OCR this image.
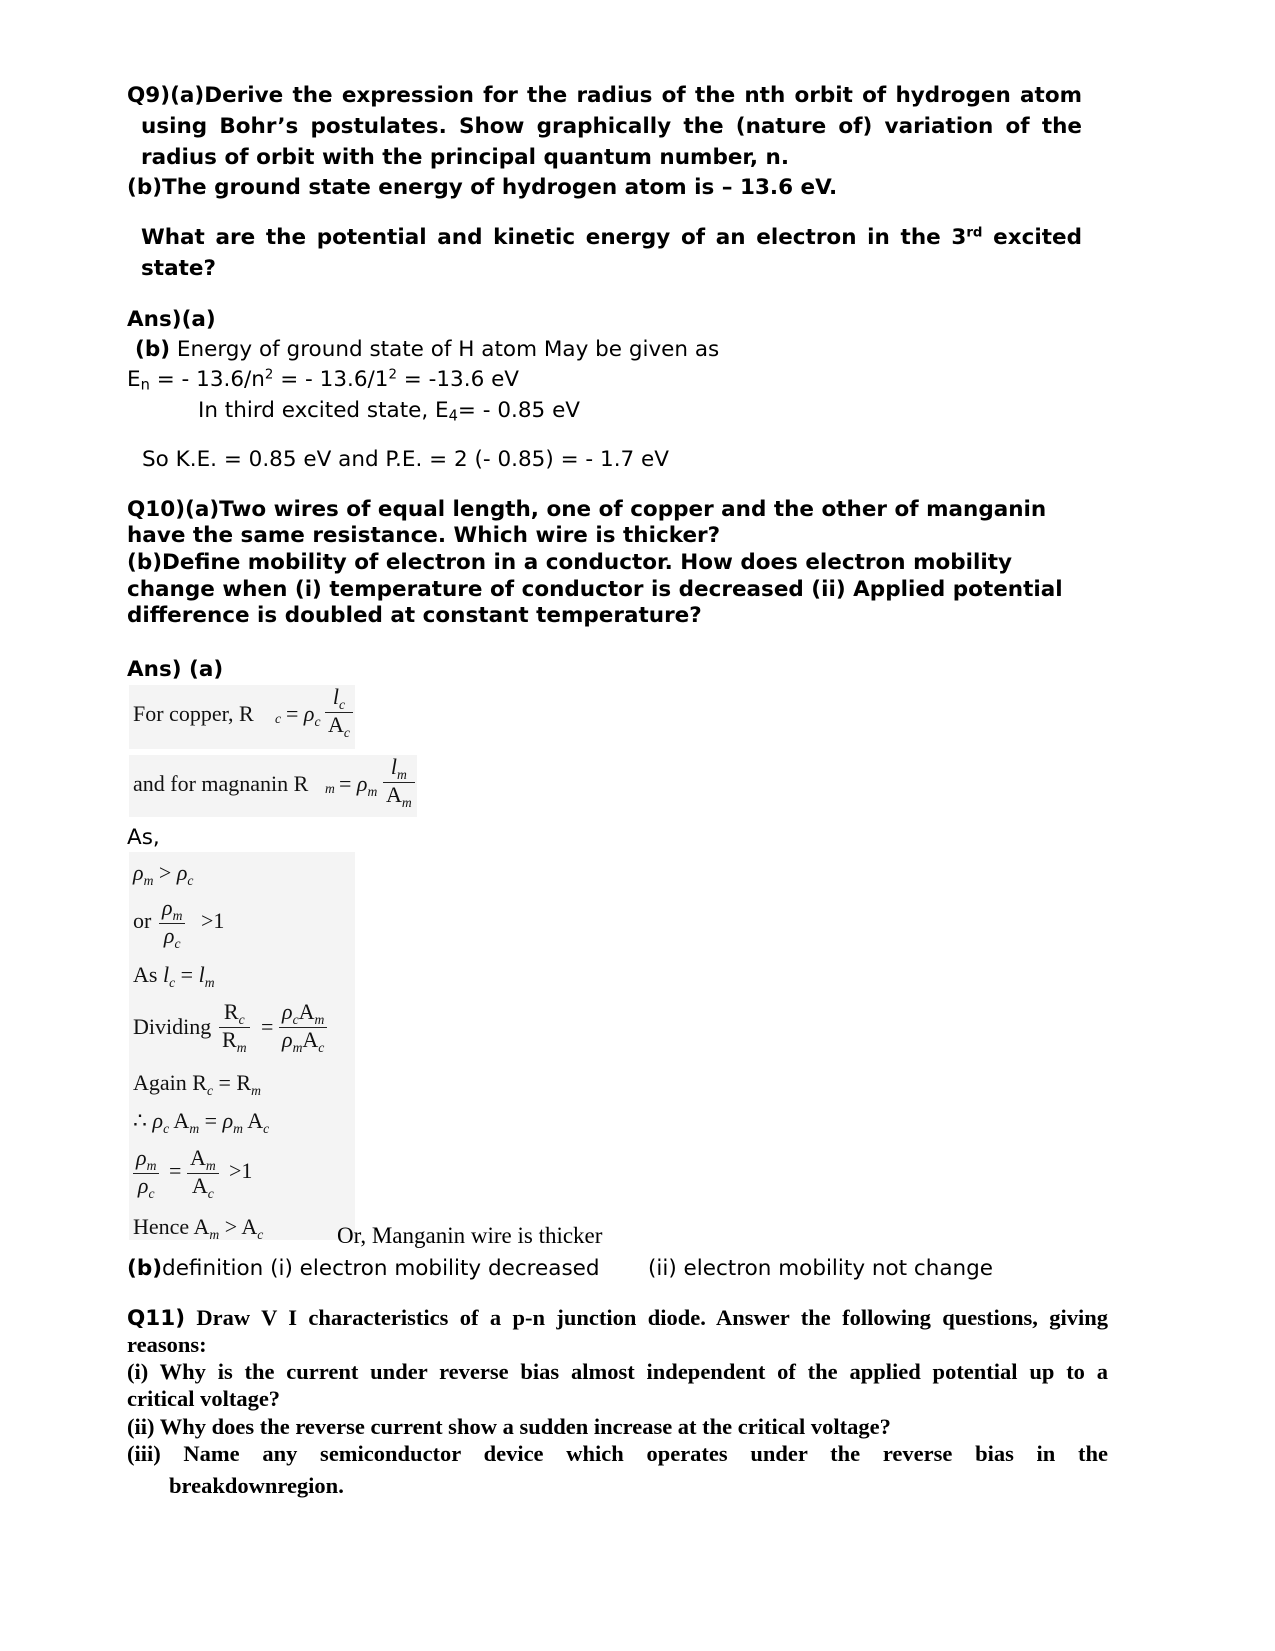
Q9)(a)Derive the expression for the radius of the nth orbit of hydrogen atom
using Bohr’s postulates. Show graphically the (nature of) variation of the
radius of orbit with the principal quantum number, n.
(b)The ground state energy of hydrogen atom is – 13.6 eV.
What are the potential and kinetic energy of an electron in the 3rd excited
state?
Ans)(a)
(b) Energy of ground state of H atom May be given as
$E_n$ = - $13.6/n^2$ = - $13.6/1^2 = -13.6$ eV
In third excited state, $E_4= - 0.85$ eV
So K.E. = 0.85 eV and P.E. = 2 (- 0.85) = - 1.7 eV
Q10)(a)Two wires of equal length, one of copper and the other of manganin
have the same resistance. Which wire is thicker?
(b)Define mobility of electron in a conductor. How does electron mobility
change when (i) temperature of conductor is decreased (ii) Applied potential
difference is doubled at constant temperature?
Ans) (a)
For copper, R $c = \rho_c \frac{l_c}{A_c}$
and for magnanin R $m = \rho_m \frac{l_m}{A_m}$
As,
$\rho_m > \rho_c$
or $\frac{\rho_m}{\rho_c} >1$
As $l_c = l_m$
Dividing $\frac{R_c}{R_m}$ =
$\rho_cA_m$
$\rho_mA_c$
Again $R_c = R_m$
∴ $\rho_c$ $A_m = \rho_m$ $A_c$
$\frac{\rho_m}{\rho_c} = \frac{A_m}{A_c} >1$
Hence $A_m > A_c$	Or, Manganin wire is thicker
(b)definition (i) electron mobility decreased (ii) electron mobility not change
Q11) Draw V I characteristics of a p-n junction diode. Answer the following questions, giving
reasons:
(i) Why is the current under reverse bias almost independent of the applied potential up to a
critical voltage?
(ii) Why does the reverse current show a sudden increase at the critical voltage?
(iii) Name any semiconductor device which operates under the reverse bias in the
breakdownregion.
